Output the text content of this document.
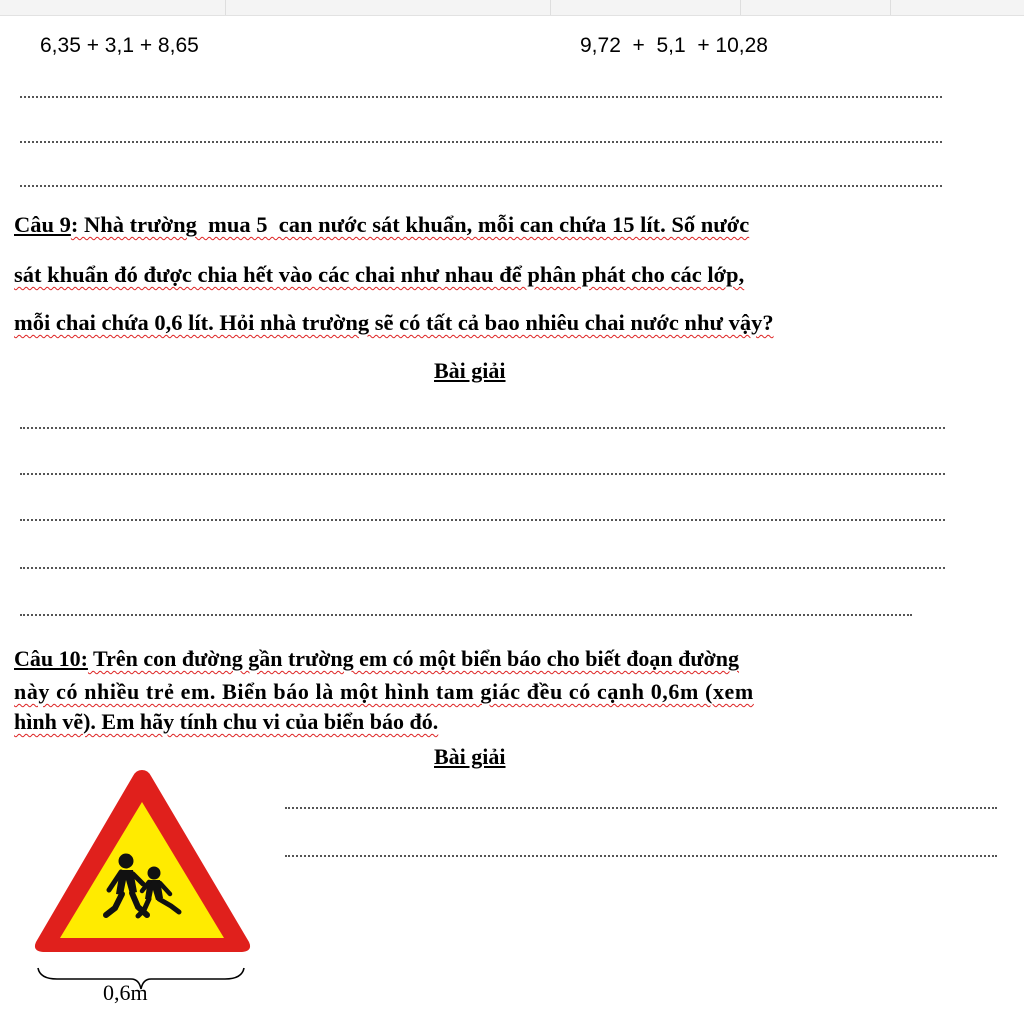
6,35 + 3,1 + 8,65	9,72  +  5,1  + 10,28
Câu 9: Nhà trường  mua 5  can nước sát khuẩn, mỗi can chứa 15 lít. Số nước
sát khuẩn đó được chia hết vào các chai như nhau để phân phát cho các lớp,
mỗi chai chứa 0,6 lít. Hỏi nhà trường sẽ có tất cả bao nhiêu chai nước như vậy?
Bài giải
Câu 10: Trên con đường gần trường em có một biển báo cho biết đoạn đường
này có nhiều trẻ em. Biển báo là một hình tam giác đều có cạnh 0,6m (xem
hình vẽ). Em hãy tính chu vi của biển báo đó.
Bài giải
0,6m
